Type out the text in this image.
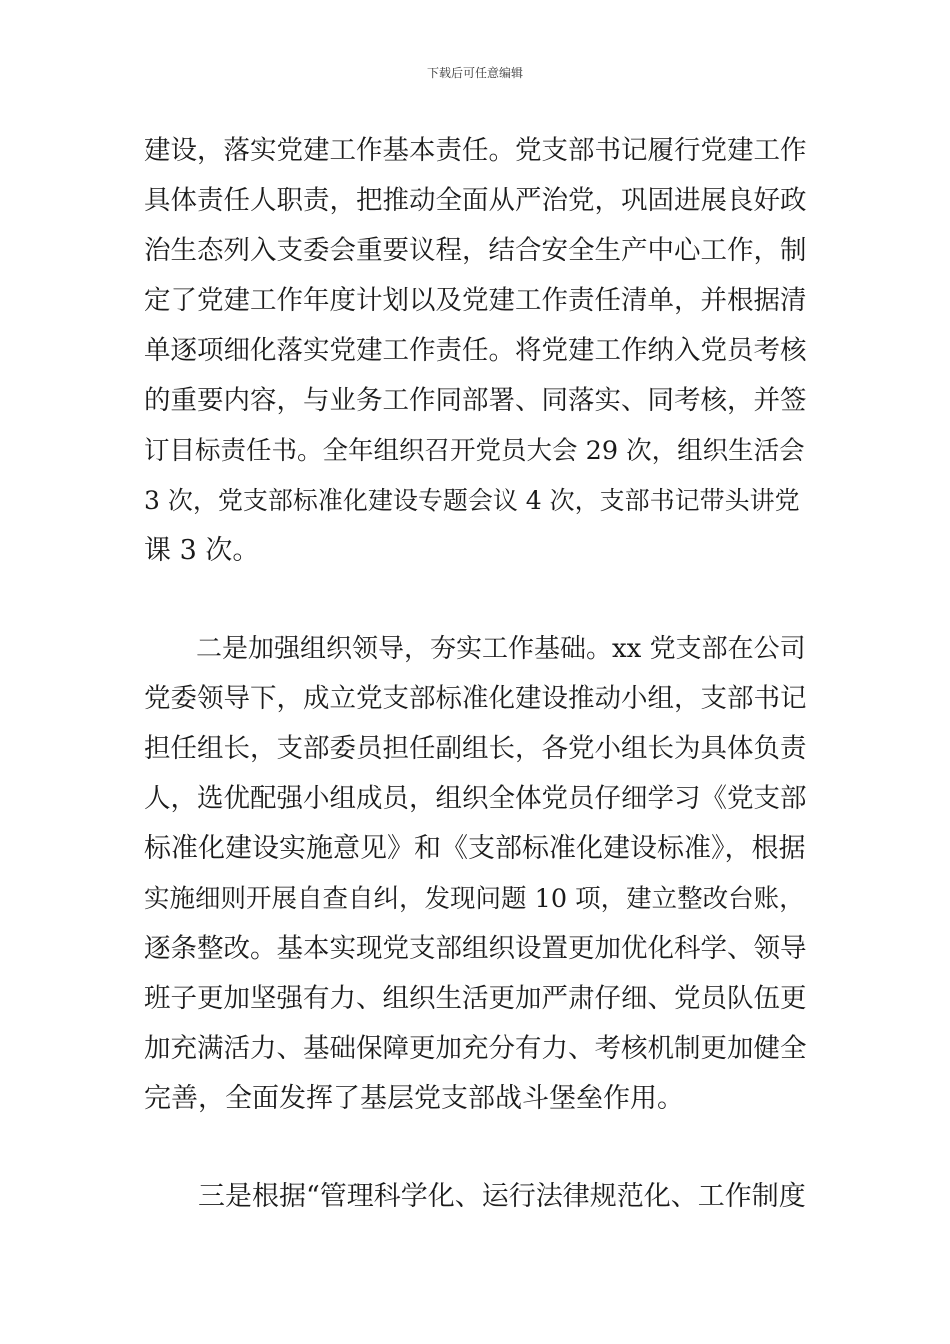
下载后可任意编辑
建设，落实党建工作基本责任。党支部书记履行党建工作
具体责任人职责，把推动全面从严治党，巩固进展良好政
治生态列入支委会重要议程，结合安全生产中心工作，制
定了党建工作年度计划以及党建工作责任清单，并根据清
单逐项细化落实党建工作责任。将党建工作纳入党员考核
的重要内容，与业务工作同部署、同落实、同考核，并签
订目标责任书。全年组织召开党员大会 29 次，组织生活会
3 次，党支部标准化建设专题会议 4 次，支部书记带头讲党
课 3 次。
　　二是加强组织领导，夯实工作基础。xx 党支部在公司
党委领导下，成立党支部标准化建设推动小组，支部书记
担任组长，支部委员担任副组长，各党小组长为具体负责
人，选优配强小组成员，组织全体党员仔细学习《党支部
标准化建设实施意见》和《支部标准化建设标准》，根据
实施细则开展自查自纠，发现问题 10 项，建立整改台账，
逐条整改。基本实现党支部组织设置更加优化科学、领导
班子更加坚强有力、组织生活更加严肃仔细、党员队伍更
加充满活力、基础保障更加充分有力、考核机制更加健全
完善，全面发挥了基层党支部战斗堡垒作用。
　　三是根据“管理科学化、运行法律规范化、工作制度
